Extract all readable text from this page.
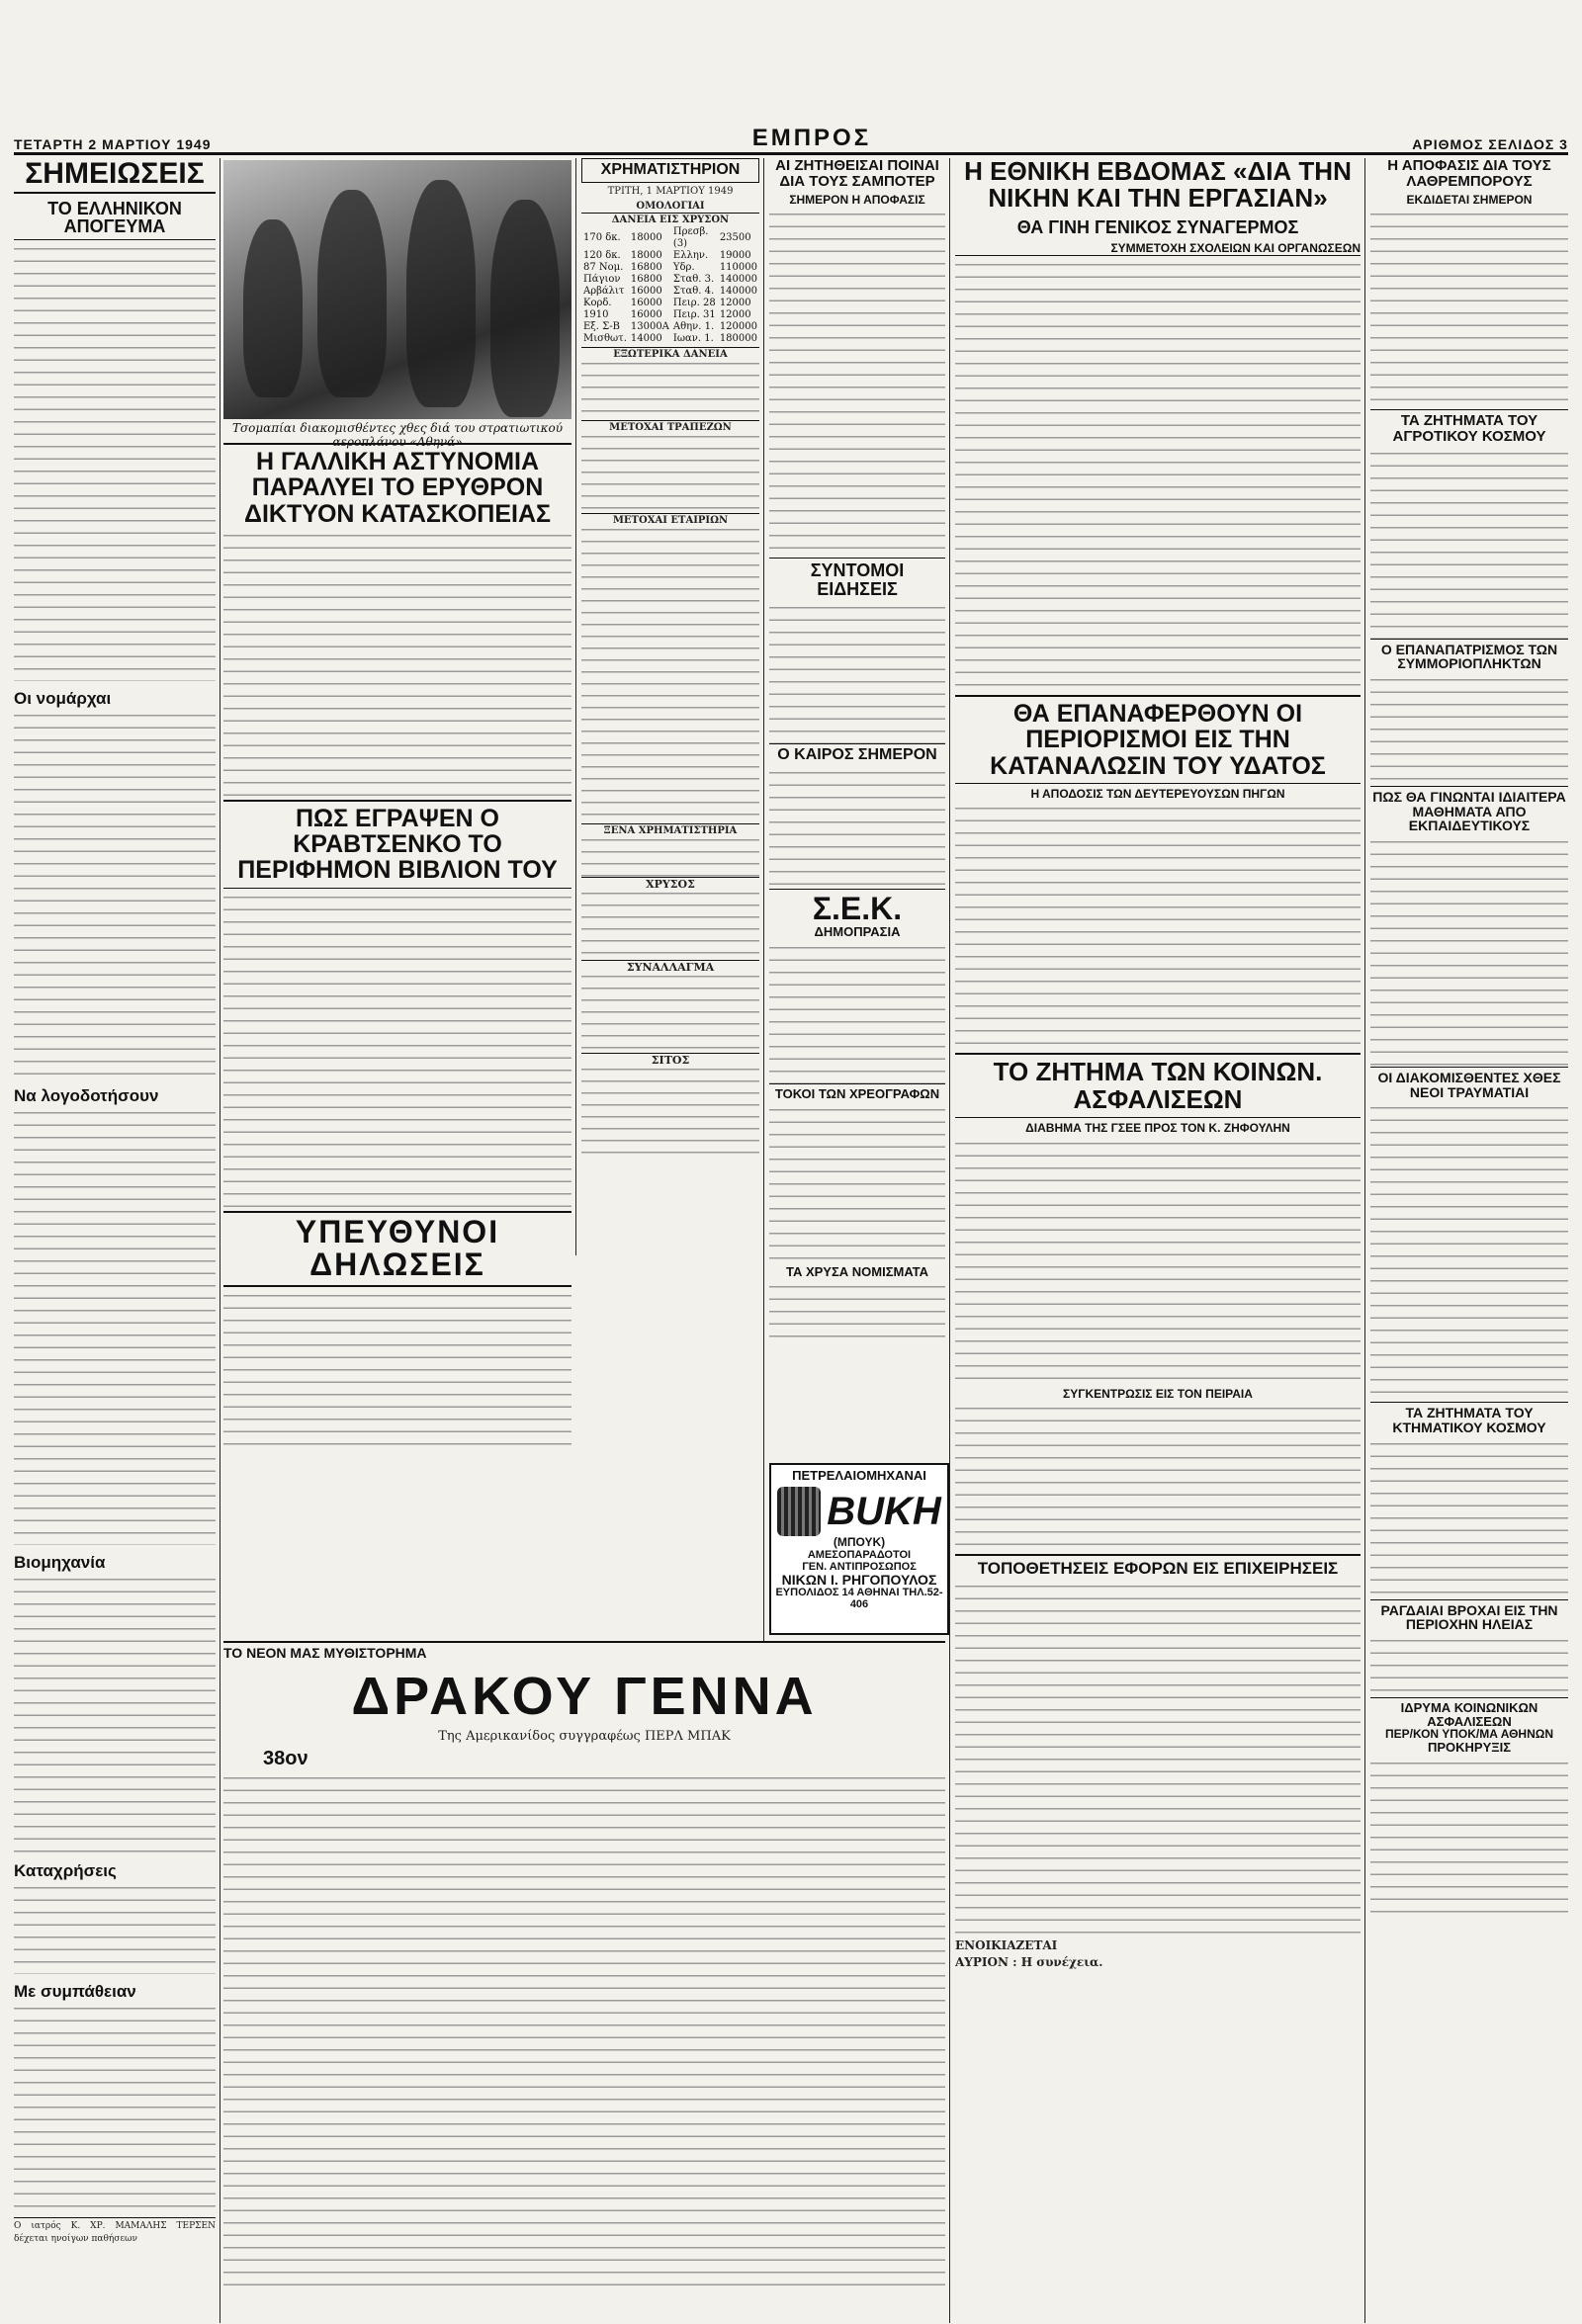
ΤΕΤΑΡΤΗ 2 ΜΑΡΤΙΟΥ 1949	ΕΜΠΡΟΣ	ΑΡΙΘΜΟΣ ΣΕΛΙΔΟΣ 3
ΣΗΜΕΙΩΣΕΙΣ
ΤΟ ΕΛΛΗΝΙΚΟΝ ΑΠΟΓΕΥΜΑ
Οι νομάρχαι
Να λογοδοτήσουν
Βιομηχανία
Καταχρήσεις
Με συμπάθειαν
Ο ιατρός Κ. ΧΡ. ΜΑΜΑΛΗΣ ΤΕΡΣΕΝ δέχεται ηνοίγων παθήσεων
Τσομαπίαι διακομισθέντες χθες διά του στρατιωτικού αεροπλάνου «Αθηνά»
Η ΓΑΛΛΙΚΗ ΑΣΤΥΝΟΜΙΑ ΠΑΡΑΛΥΕΙ ΤΟ ΕΡΥΘΡΟΝ ΔΙΚΤΥΟΝ ΚΑΤΑΣΚΟΠΕΙΑΣ
ΠΩΣ ΕΓΡΑΨΕΝ Ο ΚΡΑΒΤΣΕΝΚΟ ΤΟ ΠΕΡΙΦΗΜΟΝ ΒΙΒΛΙΟΝ ΤΟΥ
ΥΠΕΥΘΥΝΟΙ ΔΗΛΩΣΕΙΣ
ΧΡΗΜΑΤΙΣΤΗΡΙΟΝ
ΤΡΙΤΗ, 1 ΜΑΡΤΙΟΥ 1949
ΟΜΟΛΟΓΙΑΙ
ΔΑΝΕΙΑ ΕΙΣ ΧΡΥΣΟΝ
170 δκ.	18000	Πρεσβ. (3)	23500
120 δκ.	18000	Ελλην.	19000
87 Νομ.	16800	Υδρ.	110000
Πάγιον	16800	Σταθ. 3.	140000
Αρβάλιτ	16000	Σταθ. 4.	140000
Κορδ.	16000	Πειρ. 28	12000
1910	16000	Πειρ. 31	12000
Εξ. Σ-Β	13000Α	Αθην. 1.	120000
Μισθωτ.	14000	Ιωαν. 1.	180000
ΕΞΩΤΕΡΙΚΑ ΔΑΝΕΙΑ
ΜΕΤΟΧΑΙ ΤΡΑΠΕΖΩΝ
ΜΕΤΟΧΑΙ ΕΤΑΙΡΙΩΝ
ΞΕΝΑ ΧΡΗΜΑΤΙΣΤΗΡΙΑ
ΧΡΥΣΟΣ
ΣΥΝΑΛΛΑΓΜΑ
ΣΙΤΟΣ
ΑΙ ΖΗΤΗΘΕΙΣΑΙ ΠΟΙΝΑΙ ΔΙΑ ΤΟΥΣ ΣΑΜΠΟΤΕΡ
ΣΗΜΕΡΟΝ Η ΑΠΟΦΑΣΙΣ
ΣΥΝΤΟΜΟΙ ΕΙΔΗΣΕΙΣ
Ο ΚΑΙΡΟΣ ΣΗΜΕΡΟΝ
Σ.Ε.Κ.
ΔΗΜΟΠΡΑΣΙΑ
ΤΟΚΟΙ ΤΩΝ ΧΡΕΟΓΡΑΦΩΝ
ΤΑ ΧΡΥΣΑ ΝΟΜΙΣΜΑΤΑ
ΠΕΤΡΕΛΑΙΟΜΗΧΑΝΑΙ
BUKH
(ΜΠΟΥΚ)
ΑΜΕΣΟΠΑΡΑΔΟΤΟΙ
ΓΕΝ. ΑΝΤΙΠΡΟΣΩΠΟΣ
ΝΙΚΩΝ Ι. ΡΗΓΟΠΟΥΛΟΣ
ΕΥΠΟΛΙΔΟΣ 14 ΑΘΗΝΑΙ ΤΗΛ.52-406
Η ΕΘΝΙΚΗ ΕΒΔΟΜΑΣ «ΔΙΑ ΤΗΝ ΝΙΚΗΝ ΚΑΙ ΤΗΝ ΕΡΓΑΣΙΑΝ»
ΘΑ ΓΙΝΗ ΓΕΝΙΚΟΣ ΣΥΝΑΓΕΡΜΟΣ
ΣΥΜΜΕΤΟΧΗ ΣΧΟΛΕΙΩΝ ΚΑΙ ΟΡΓΑΝΩΣΕΩΝ
ΘΑ ΕΠΑΝΑΦΕΡΘΟΥΝ ΟΙ ΠΕΡΙΟΡΙΣΜΟΙ ΕΙΣ ΤΗΝ ΚΑΤΑΝΑΛΩΣΙΝ ΤΟΥ ΥΔΑΤΟΣ
Η ΑΠΟΔΟΣΙΣ ΤΩΝ ΔΕΥΤΕΡΕΥΟΥΣΩΝ ΠΗΓΩΝ
ΤΟ ΖΗΤΗΜΑ ΤΩΝ ΚΟΙΝΩΝ. ΑΣΦΑΛΙΣΕΩΝ
ΔΙΑΒΗΜΑ ΤΗΣ ΓΣΕΕ ΠΡΟΣ ΤΟΝ Κ. ΖΗΦΟΥΛΗΝ
ΣΥΓΚΕΝΤΡΩΣΙΣ ΕΙΣ ΤΟΝ ΠΕΙΡΑΙΑ
ΤΟΠΟΘΕΤΗΣΕΙΣ ΕΦΟΡΩΝ ΕΙΣ ΕΠΙΧΕΙΡΗΣΕΙΣ
ΕΝΟΙΚΙΑΖΕΤΑΙ
ΑΥΡΙΟΝ : Η συνέχεια.
ΤΟ ΝΕΟΝ ΜΑΣ ΜΥΘΙΣΤΟΡΗΜΑ
ΔΡΑΚΟΥ ΓΕΝΝΑ
Της Αμερικανίδος συγγραφέως ΠΕΡΛ ΜΠΑΚ
38ον
Η ΑΠΟΦΑΣΙΣ ΔΙΑ ΤΟΥΣ ΛΑΘΡΕΜΠΟΡΟΥΣ
ΕΚΔΙΔΕΤΑΙ ΣΗΜΕΡΟΝ
ΤΑ ΖΗΤΗΜΑΤΑ ΤΟΥ ΑΓΡΟΤΙΚΟΥ ΚΟΣΜΟΥ
Ο ΕΠΑΝΑΠΑΤΡΙΣΜΟΣ ΤΩΝ ΣΥΜΜΟΡΙΟΠΛΗΚΤΩΝ
ΠΩΣ ΘΑ ΓΙΝΩΝΤΑΙ ΙΔΙΑΙΤΕΡΑ ΜΑΘΗΜΑΤΑ ΑΠΟ ΕΚΠΑΙΔΕΥΤΙΚΟΥΣ
ΟΙ ΔΙΑΚΟΜΙΣΘΕΝΤΕΣ ΧΘΕΣ ΝΕΟΙ ΤΡΑΥΜΑΤΙΑΙ
ΤΑ ΖΗΤΗΜΑΤΑ ΤΟΥ ΚΤΗΜΑΤΙΚΟΥ ΚΟΣΜΟΥ
ΡΑΓΔΑΙΑΙ ΒΡΟΧΑΙ ΕΙΣ ΤΗΝ ΠΕΡΙΟΧΗΝ ΗΛΕΙΑΣ
ΙΔΡΥΜΑ ΚΟΙΝΩΝΙΚΩΝ ΑΣΦΑΛΙΣΕΩΝ
ΠΕΡ/ΚΟΝ ΥΠΟΚ/ΜΑ ΑΘΗΝΩΝ
ΠΡΟΚΗΡΥΞΙΣ
